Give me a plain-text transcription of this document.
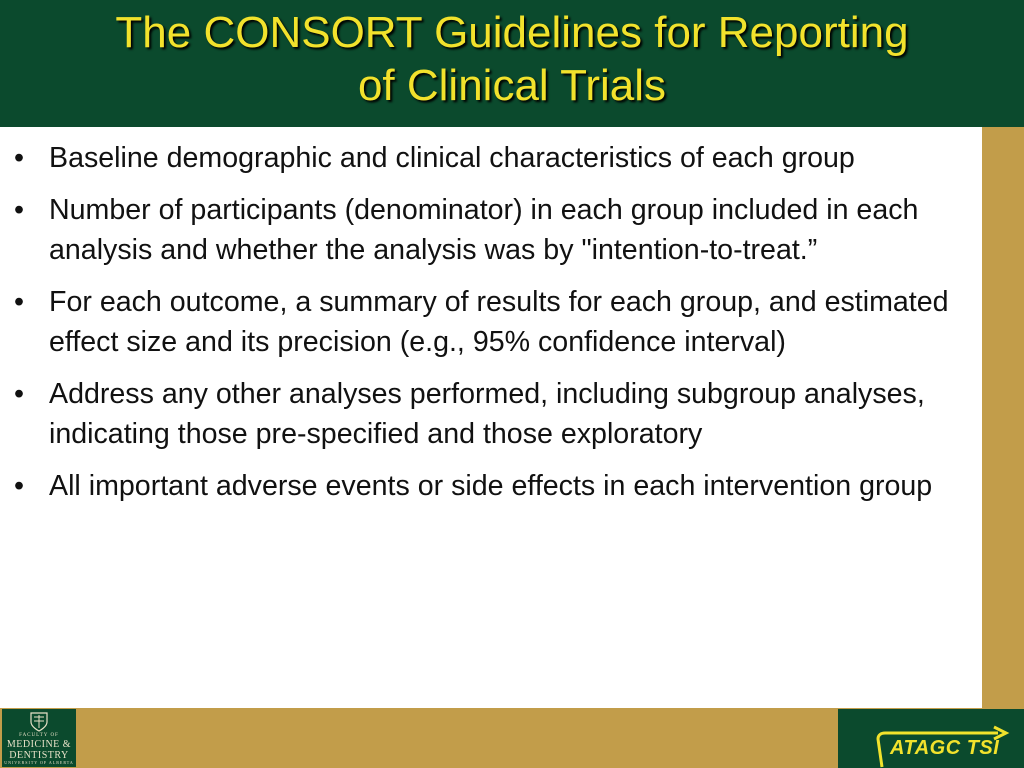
The CONSORT Guidelines for Reporting
of Clinical Trials
• Baseline demographic and clinical characteristics of each group
• Number of participants (denominator) in each group included in each analysis and whether the analysis was by "intention-to-treat.”
• For each outcome, a summary of results for each group, and estimated effect size and its precision (e.g., 95% confidence interval)
• Address any other analyses performed, including subgroup analyses, indicating those pre-specified and those exploratory
• All important adverse events or side effects in each intervention group
FACULTY OF
MEDICINE &
DENTISTRY
UNIVERSITY OF ALBERTA
ATAGC TSI
